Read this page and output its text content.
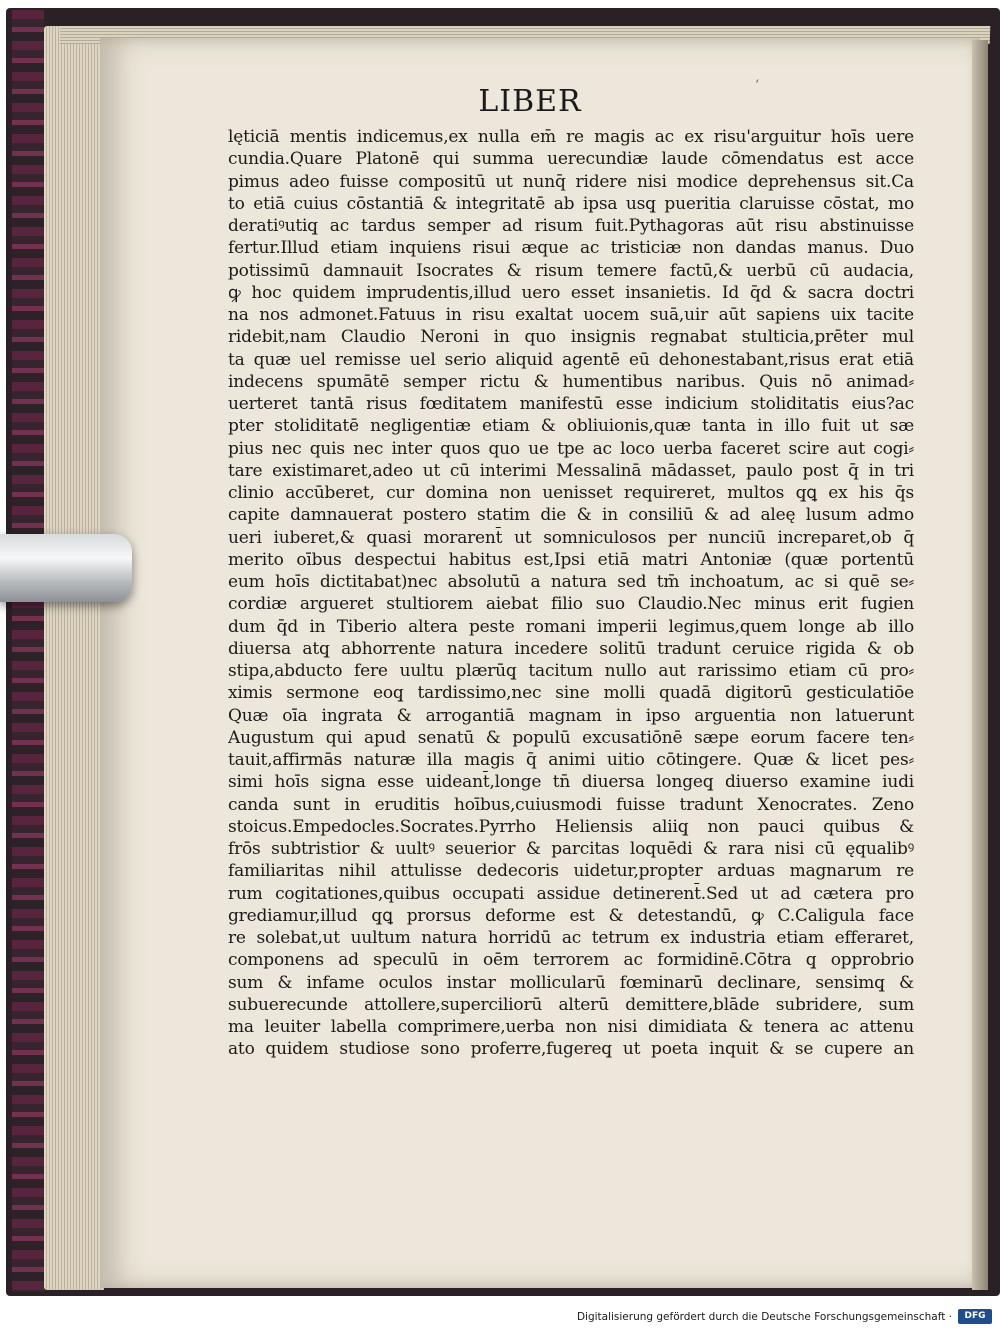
LIBER
lęticiā mentis indicemus,ex nulla em̄ re magis ac ex risu'arguitur hoīs uere
cundia.Quare Platonē qui summa uerecundiæ laude cōmendatus est acce
pimus adeo fuisse compositū ut nunq̄ ridere nisi modice deprehensus sit.Ca
to etiā cuius cōstantiā & integritatē ab ipsa usq̧ pueritia claruisse cōstat, mo
deratiꝰutiq̧ ac tardus semper ad risum fuit.Pythagoras aūt risu abstinuisse
fertur.Illud etiam inquiens risui æque ac tristiciæ non dandas manus. Duo
potissimū damnauit Isocrates & risum temere factū,& uerbū cū audacia,
ꝙ hoc quidem imprudentis,illud uero esset insanietis. Id q̄d & sacra doctri
na nos admonet.Fatuus in risu exaltat uocem suā,uir aūt sapiens uix tacite
ridebit,nam Claudio Neroni in quo insignis regnabat stulticia,prēter mul
ta quæ uel remisse uel serio aliquid agentē eū dehonestabant,risus erat etiā
indecens spumātē semper rictu & humentibus naribus. Quis nō animad⸗
uerteret tantā risus fœditatem manifestū esse indicium stoliditatis eius?ac
pter stoliditatē negligentiæ etiam & obliuionis,quæ tanta in illo fuit ut sæ
pius nec quis nec inter quos quo ue tpe ac loco uerba faceret scire aut cogi⸗
tare existimaret,adeo ut cū interimi Messalinā mādasset, paulo post q̄ in tri
clinio accūberet, cur domina non uenisset requireret, multos q̧ꝗ ex his q̄s
capite damnauerat postero statim die & in consiliū & ad aleę lusum admo
ueri iuberet,& quasi morarent̄ ut somniculosos per nunciū increparet,ob q̄
merito oībus despectui habitus est,Ipsi etiā matri Antoniæ (quæ portentū
eum hoīs dictitabat)nec absolutū a natura sed tm̄ inchoatum, ac si quē se⸗
cordiæ argueret stultiorem aiebat filio suo Claudio.Nec minus erit fugien
dum q̄d in Tiberio altera peste romani imperii legimus,quem longe ab illo
diuersa atq̧ abhorrente natura incedere solitū tradunt ceruice rigida & ob
stipa,abducto fere uultu plærūq̧ tacitum nullo aut rarissimo etiam cū pro⸗
ximis sermone eoq̧ tardissimo,nec sine molli quadā digitorū gesticulatiōe
Quæ oīa ingrata & arrogantiā magnam in ipso arguentia non latuerunt
Augustum qui apud senatū & populū excusatiōnē sæpe eorum facere ten⸗
tauit,affirmās naturæ illa magis q̄ animi uitio cōtingere. Quæ & licet pes⸗
simi hoīs signa esse uideant̄,longe tn̄ diuersa longeq̧ diuerso examine iudi
canda sunt in eruditis hoībus,cuiusmodi fuisse tradunt Xenocrates. Zeno
stoicus.Empedocles.Socrates.Pyrrho Heliensis aliiq̧ non pauci quibus &
frōs subtristior & uultꝰ seuerior & parcitas loquēdi & rara nisi cū ęqualibꝰ
familiaritas nihil attulisse dedecoris uidetur,propter arduas magnarum re
rum cogitationes,quibus occupati assidue detinerent̄.Sed ut ad cætera pro
grediamur,illud q̧ꝗ prorsus deforme est & detestandū, ꝙ C.Caligula face
re solebat,ut uultum natura horridū ac tetrum ex industria etiam efferaret,
componens ad speculū in oēm terrorem ac formidinē.Cōtra q̧ opprobrio
sum & infame oculos instar mollicularū fœminarū declinare, sensimq̧ &
subuerecunde attollere,superciliorū alterū demittere,blāde subridere, sum
ma leuiter labella comprimere,uerba non nisi dimidiata & tenera ac attenu
ato quidem studiose sono proferre,fugereq̧ ut poeta inquit & se cupere an
‘
Digitalisierung gefördert durch die Deutsche Forschungsgemeinschaft ·	DFG
